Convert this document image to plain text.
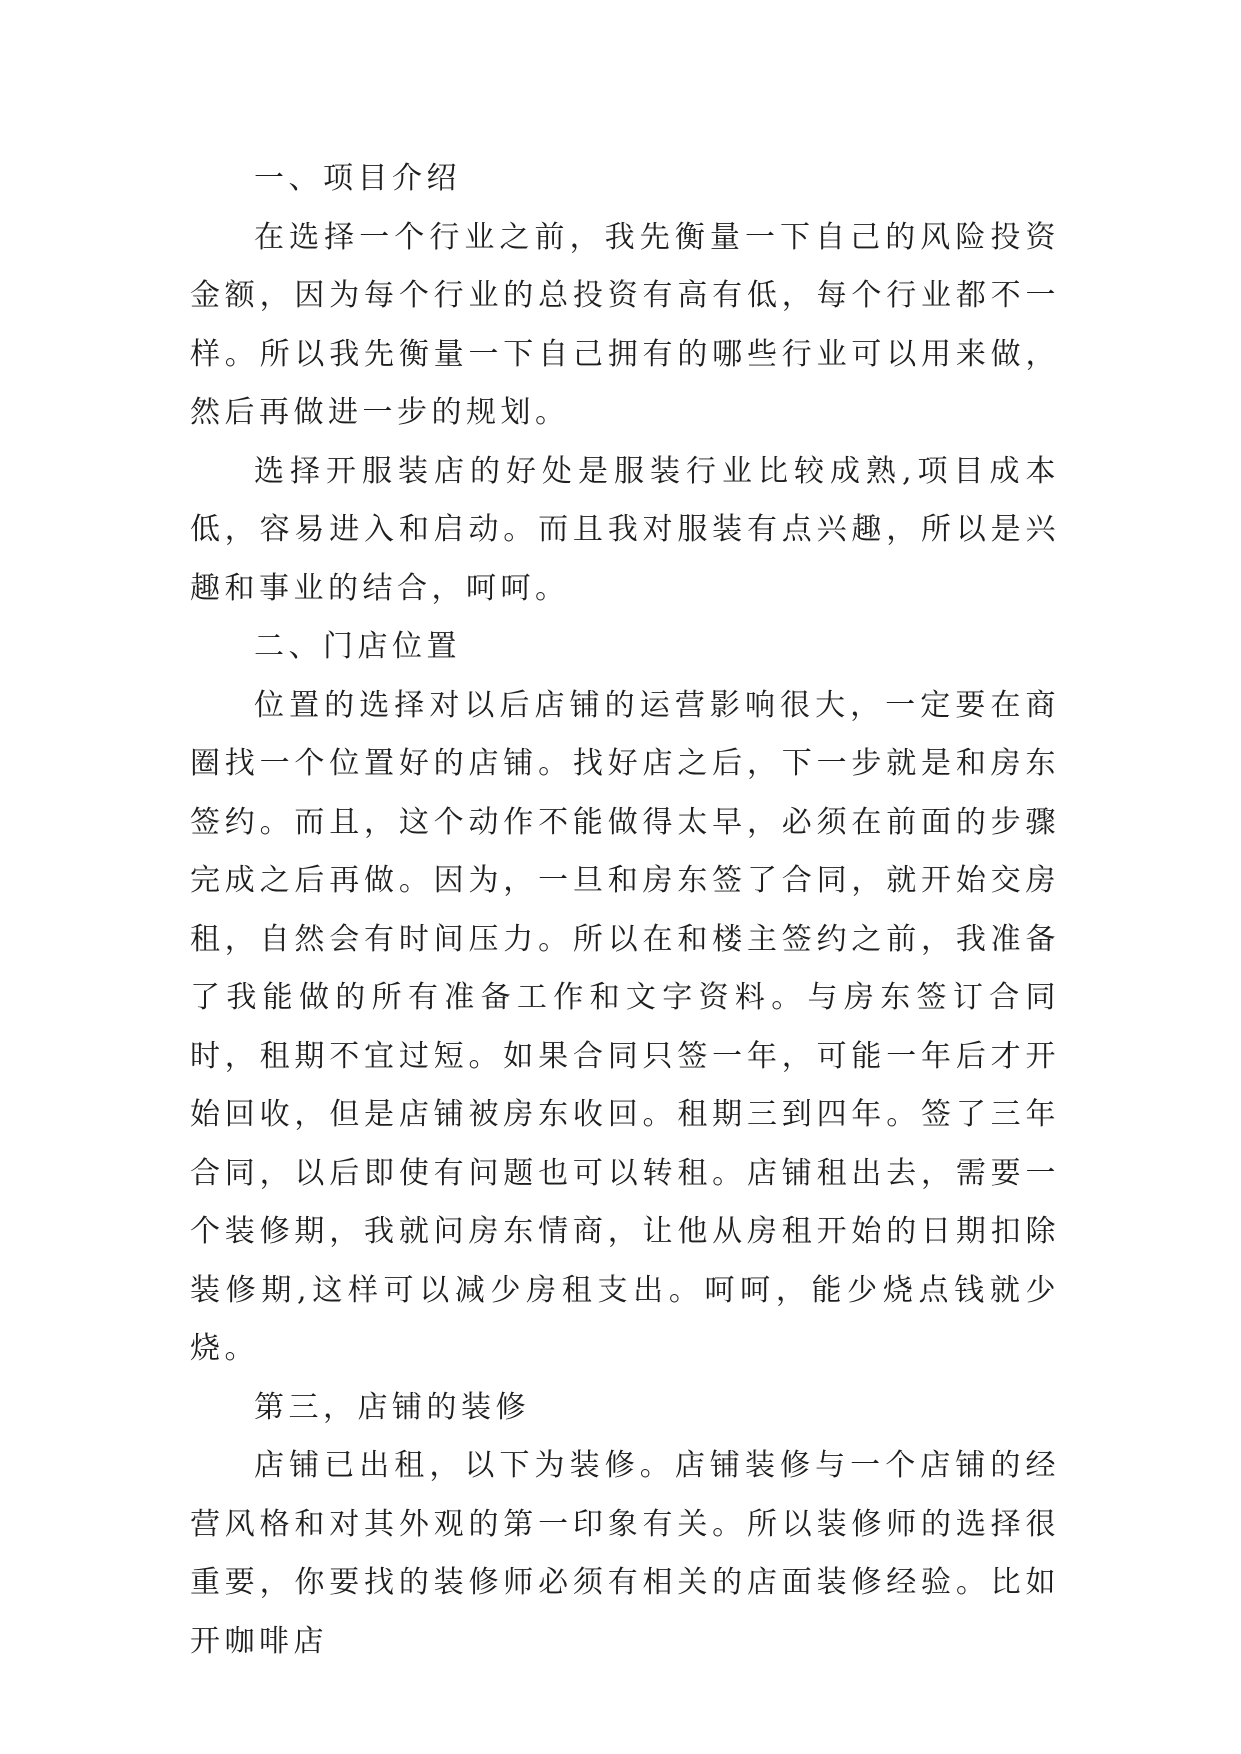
一、项目介绍

在选择一个行业之前，我先衡量一下自己的风险投资金额，因为每个行业的总投资有高有低，每个行业都不一样。所以我先衡量一下自己拥有的哪些行业可以用来做，然后再做进一步的规划。

选择开服装店的好处是服装行业比较成熟,项目成本低，容易进入和启动。而且我对服装有点兴趣，所以是兴趣和事业的结合，呵呵。

二、门店位置

位置的选择对以后店铺的运营影响很大，一定要在商圈找一个位置好的店铺。找好店之后，下一步就是和房东签约。而且，这个动作不能做得太早，必须在前面的步骤完成之后再做。因为，一旦和房东签了合同，就开始交房租，自然会有时间压力。所以在和楼主签约之前，我准备了我能做的所有准备工作和文字资料。与房东签订合同时，租期不宜过短。如果合同只签一年，可能一年后才开始回收，但是店铺被房东收回。租期三到四年。签了三年合同，以后即使有问题也可以转租。店铺租出去，需要一个装修期，我就问房东情商，让他从房租开始的日期扣除装修期,这样可以减少房租支出。呵呵，能少烧点钱就少烧。

第三，店铺的装修

店铺已出租，以下为装修。店铺装修与一个店铺的经营风格和对其外观的第一印象有关。所以装修师的选择很重要，你要找的装修师必须有相关的店面装修经验。比如开咖啡店
